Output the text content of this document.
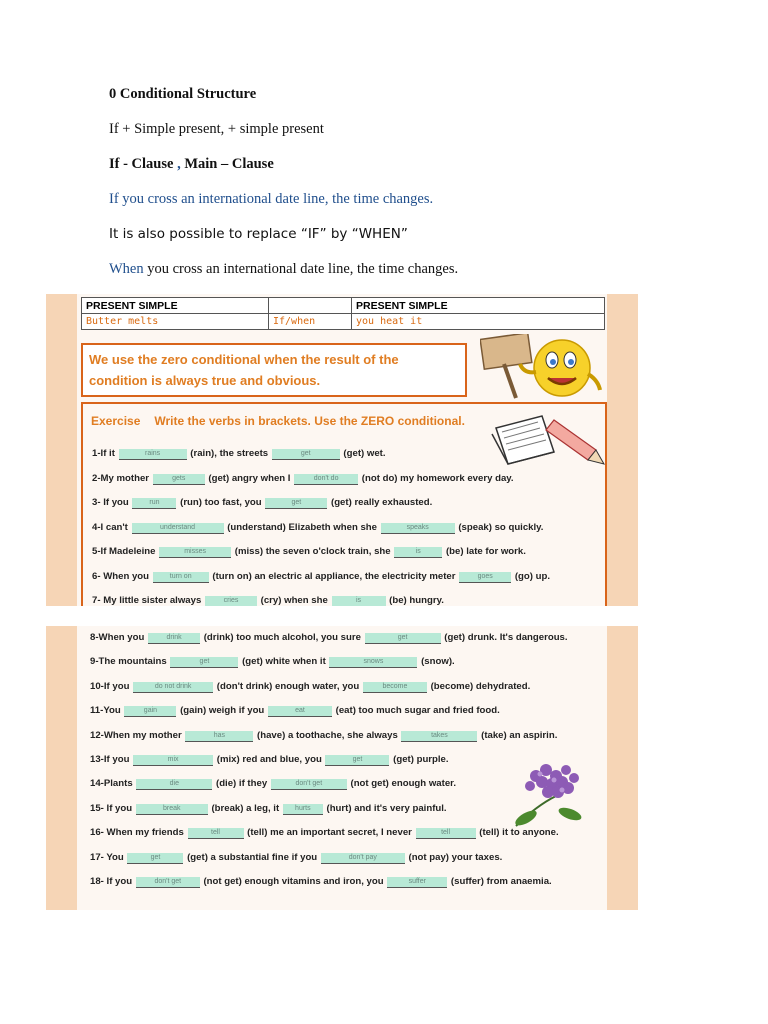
0 Conditional Structure
If + Simple present, + simple present
If - Clause , Main – Clause
If you cross an international date line, the time changes.
It is also possible to replace “IF” by “WHEN”
When you cross an international date line, the time changes.
PRESENT SIMPLE		PRESENT SIMPLE
Butter melts	If/when	you heat it
We use the zero conditional when the result of the
condition is always true and obvious.
Exercise Write the verbs in brackets. Use the ZERO conditional.
1-If it	rains	(rain), the streets	get	(get) wet.
2-My mother	gets (get) angry when I	don't do (not do) my homework every day.
3- If you	run (run) too fast, you	get	(get) really exhausted.
4-I can't	understand	(understand) Elizabeth when she	speaks	(speak) so quickly.
5-If Madeleine	misses	(miss) the seven o'clock train, she	is (be) late for work.
6- When you	turn on (turn on) an electric al appliance, the electricity meter	goes (go) up.
7- My little sister always	cries (cry) when she	is	(be) hungry.
8-When you	drink (drink) too much alcohol, you sure	get	(get) drunk. It's dangerous.
9-The mountains	get	(get) white when it	snows	(snow).
10-If you	do not drink (don't drink) enough water, you	become (become) dehydrated.
11-You	gain (gain) weigh if you	eat	(eat) too much sugar and fried food.
12-When my mother	has	(have) a toothache, she always	takes	(take) an aspirin.
13-If you	mix	(mix) red and blue, you	get	(get) purple.
14-Plants	die	(die) if they	don't get	(not get) enough water.
15- If you	break	(break) a leg, it hurts (hurt) and it's very painful.
16- When my friends	tell	(tell) me an important secret, I never	tell	(tell) it to anyone.
17- You	get	(get) a substantial fine if you	don't pay	(not pay) your taxes.
18- If you	don't get (not get) enough vitamins and iron, you	suffer (suffer) from anaemia.
